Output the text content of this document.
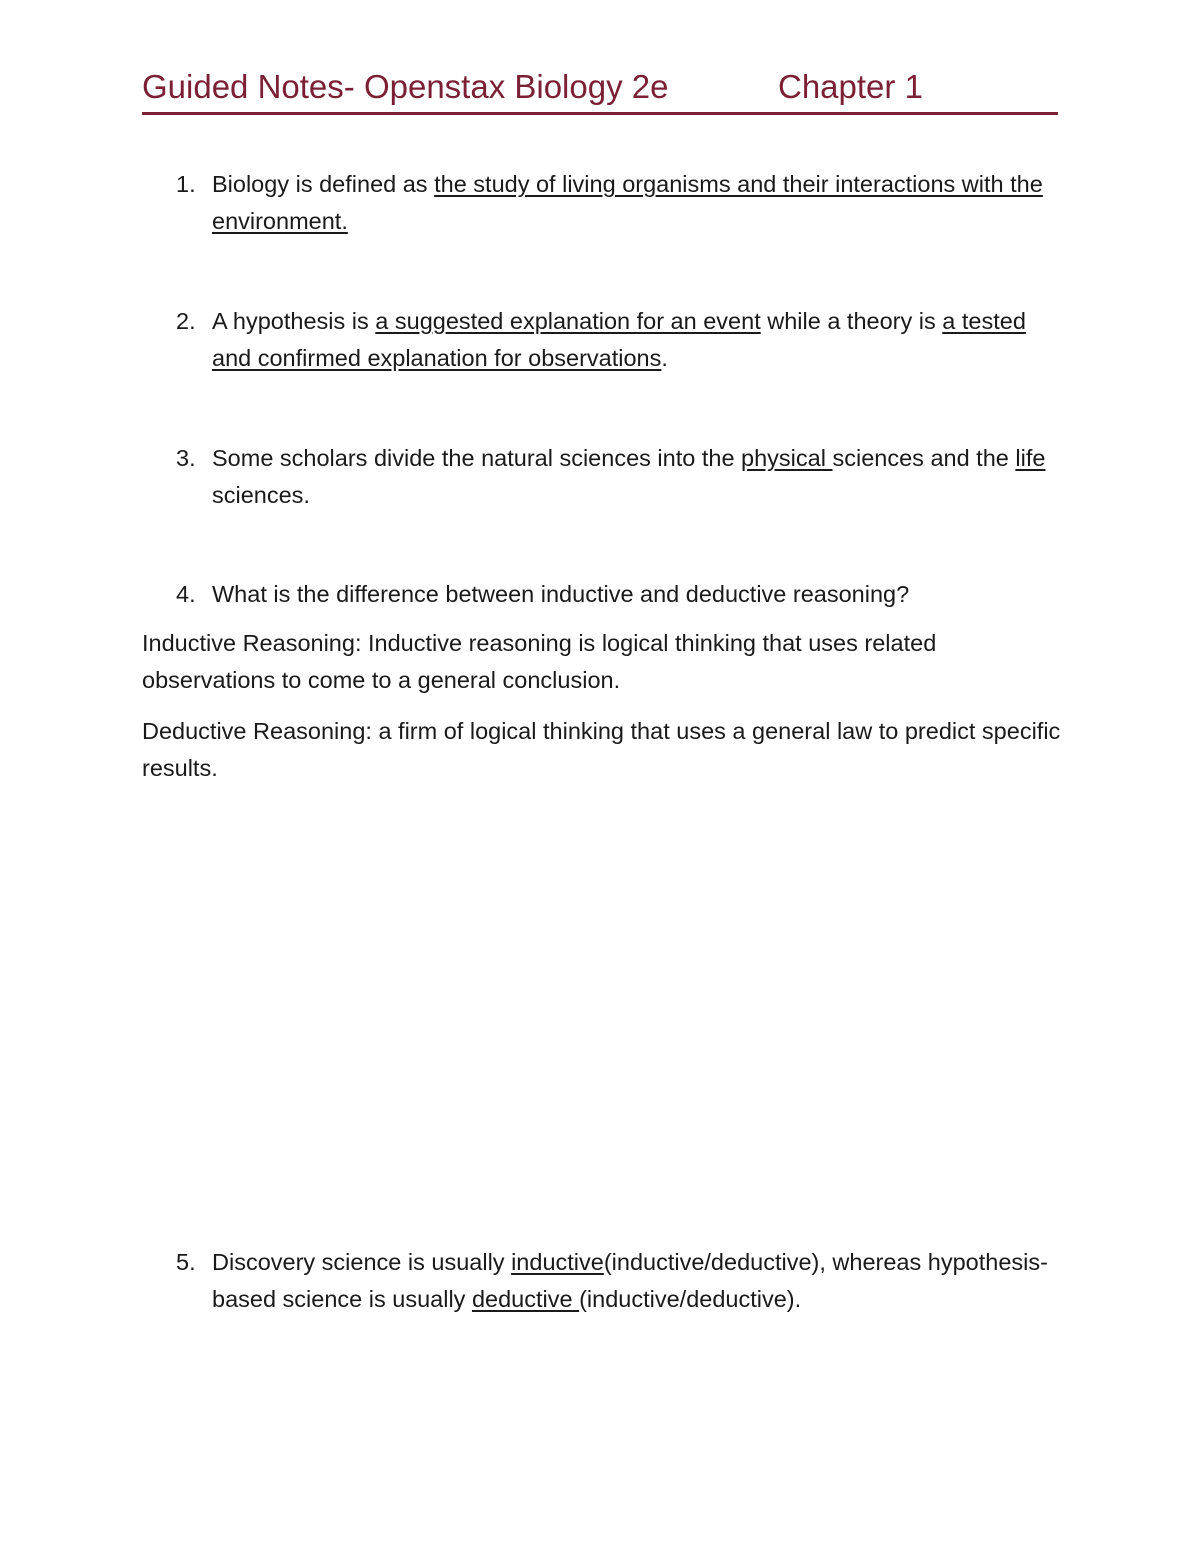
Guided Notes- Openstax Biology 2e	Chapter 1
1. Biology is defined as the study of living organisms and their interactions with the environment.
2. A hypothesis is a suggested explanation for an event while a theory is a tested and confirmed explanation for observations.
3. Some scholars divide the natural sciences into the physical sciences and the life sciences.
4. What is the difference between inductive and deductive reasoning?
Inductive Reasoning: Inductive reasoning is logical thinking that uses related observations to come to a general conclusion.
Deductive Reasoning: a firm of logical thinking that uses a general law to predict specific results.
5. Discovery science is usually inductive(inductive/deductive), whereas hypothesis-based science is usually deductive (inductive/deductive).
